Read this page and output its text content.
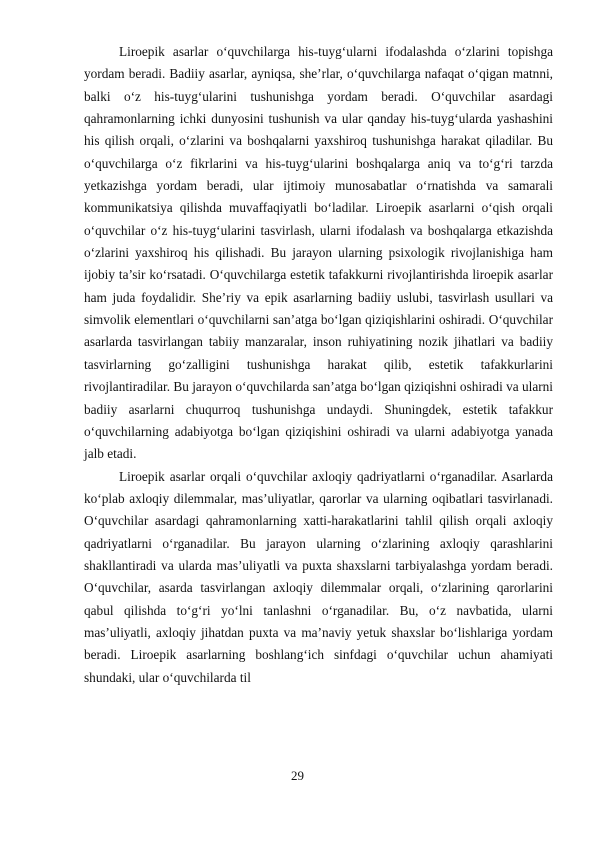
Liroepik asarlar o‘quvchilarga his-tuyg‘ularni ifodalashda o‘zlarini topishga yordam beradi. Badiiy asarlar, ayniqsa, she’rlar, o‘quvchilarga nafaqat o‘qigan matnni, balki o‘z his-tuyg‘ularini tushunishga yordam beradi. O‘quvchilar asardagi qahramonlarning ichki dunyosini tushunish va ular qanday his-tuyg‘ularda yashashini his qilish orqali, o‘zlarini va boshqalarni yaxshiroq tushunishga harakat qiladilar. Bu o‘quvchilarga o‘z fikrlarini va his-tuyg‘ularini boshqalarga aniq va to‘g‘ri tarzda yetkazishga yordam beradi, ular ijtimoiy munosabatlar o‘rnatishda va samarali kommunikatsiya qilishda muvaffaqiyatli bo‘ladilar. Liroepik asarlarni o‘qish orqali o‘quvchilar o‘z his-tuyg‘ularini tasvirlash, ularni ifodalash va boshqalarga etkazishda o‘zlarini yaxshiroq his qilishadi. Bu jarayon ularning psixologik rivojlanishiga ham ijobiy ta’sir ko‘rsatadi. O‘quvchilarga estetik tafakkurni rivojlantirishda liroepik asarlar ham juda foydalidir. She’riy va epik asarlarning badiiy uslubi, tasvirlash usullari va simvolik elementlari o‘quvchilarni san’atga bo‘lgan qiziqishlarini oshiradi. O‘quvchilar asarlarda tasvirlangan tabiiy manzaralar, inson ruhiyatining nozik jihatlari va badiiy tasvirlarning go‘zalligini tushunishga harakat qilib, estetik tafakkurlarini rivojlantiradilar. Bu jarayon o‘quvchilarda san’atga bo‘lgan qiziqishni oshiradi va ularni badiiy asarlarni chuqurroq tushunishga undaydi. Shuningdek, estetik tafakkur o‘quvchilarning adabiyotga bo‘lgan qiziqishini oshiradi va ularni adabiyotga yanada jalb etadi.

Liroepik asarlar orqali o‘quvchilar axloqiy qadriyatlarni o‘rganadilar. Asarlarda ko‘plab axloqiy dilemmalar, mas’uliyatlar, qarorlar va ularning oqibatlari tasvirlanadi. O‘quvchilar asardagi qahramonlarning xatti-harakatlarini tahlil qilish orqali axloqiy qadriyatlarni o‘rganadilar. Bu jarayon ularning o‘zlarining axloqiy qarashlarini shakllantiradi va ularda mas’uliyatli va puxta shaxslarni tarbiyalashga yordam beradi. O‘quvchilar, asarda tasvirlangan axloqiy dilemmalar orqali, o‘zlarining qarorlarini qabul qilishda to‘g‘ri yo‘lni tanlashni o‘rganadilar. Bu, o‘z navbatida, ularni mas’uliyatli, axloqiy jihatdan puxta va ma’naviy yetuk shaxslar bo‘lishlariga yordam beradi. Liroepik asarlarning boshlang‘ich sinfdagi o‘quvchilar uchun ahamiyati shundaki, ular o‘quvchilarda til

29
